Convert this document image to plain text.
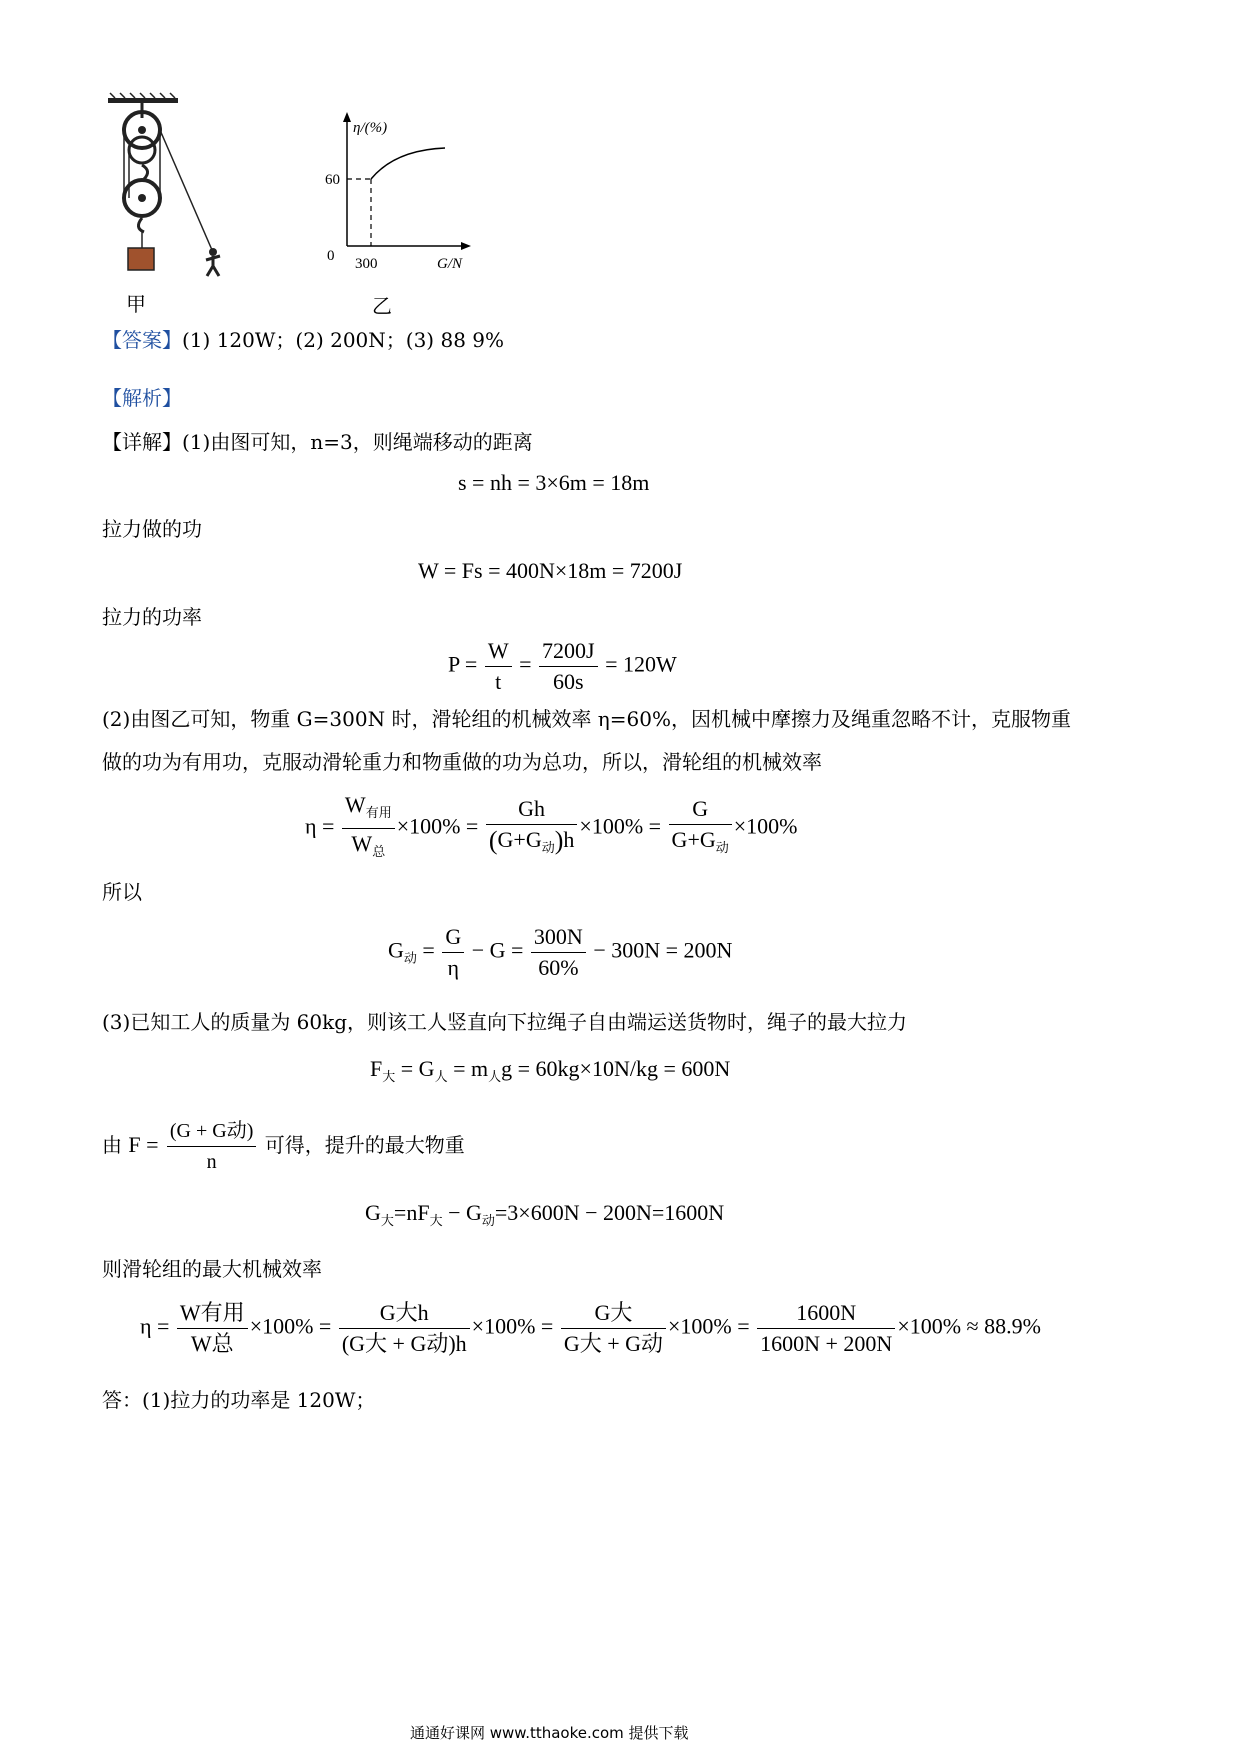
甲
η/(%)
60
0 300	G/N
乙
【答案】(1) 120W；(2) 200N；(3) 88 9%
【解析】
【详解】(1)由图可知，n=3，则绳端移动的距离
s = nh = 3×6m = 18m
拉力做的功
W = Fs = 400N×18m = 7200J
拉力的功率
$P = \frac{W}{t} = \frac{7200J}{60s} = 120W$
(2)由图乙可知，物重 G=300N 时，滑轮组的机械效率 η=60%，因机械中摩擦力及绳重忽略不计，克服物重
做的功为有用功，克服动滑轮重力和物重做的功为总功，所以，滑轮组的机械效率
$\eta = \frac{W_{有用}}{W_总} \times 100\% = \frac{Gh}{(G+G_动)h} \times 100\% = \frac{G}{G+G_动} \times 100\%$
所以
$G_动 = \frac{G}{\eta} - G = \frac{300N}{60\%} - 300N = 200N$
(3)已知工人的质量为 60kg，则该工人竖直向下拉绳子自由端运送货物时，绳子的最大拉力
$F_大 = G_人 = m_人g = 60kg\times 10N/kg = 600N$
由 $F = \frac{\text{(G + G动)}}{n}$ 可得，提升的最大物重
$G_大=nF_大 - G_动=3\times 600N - 200N=1600N$
则滑轮组的最大机械效率
$\eta = \frac{\text{W有用}}{\text{W总}} \times 100\% = \frac{\text{G大h}}{\text{(G大 + G动)h}} \times 100\% = \frac{\text{G大}}{\text{G大 + G动}} \times 100\% = \frac{1600N}{1600N + 200N} \times 100\% \approx 88.9\%$
答：(1)拉力的功率是 120W；
通通好课网 www.tthaoke.com 提供下载
